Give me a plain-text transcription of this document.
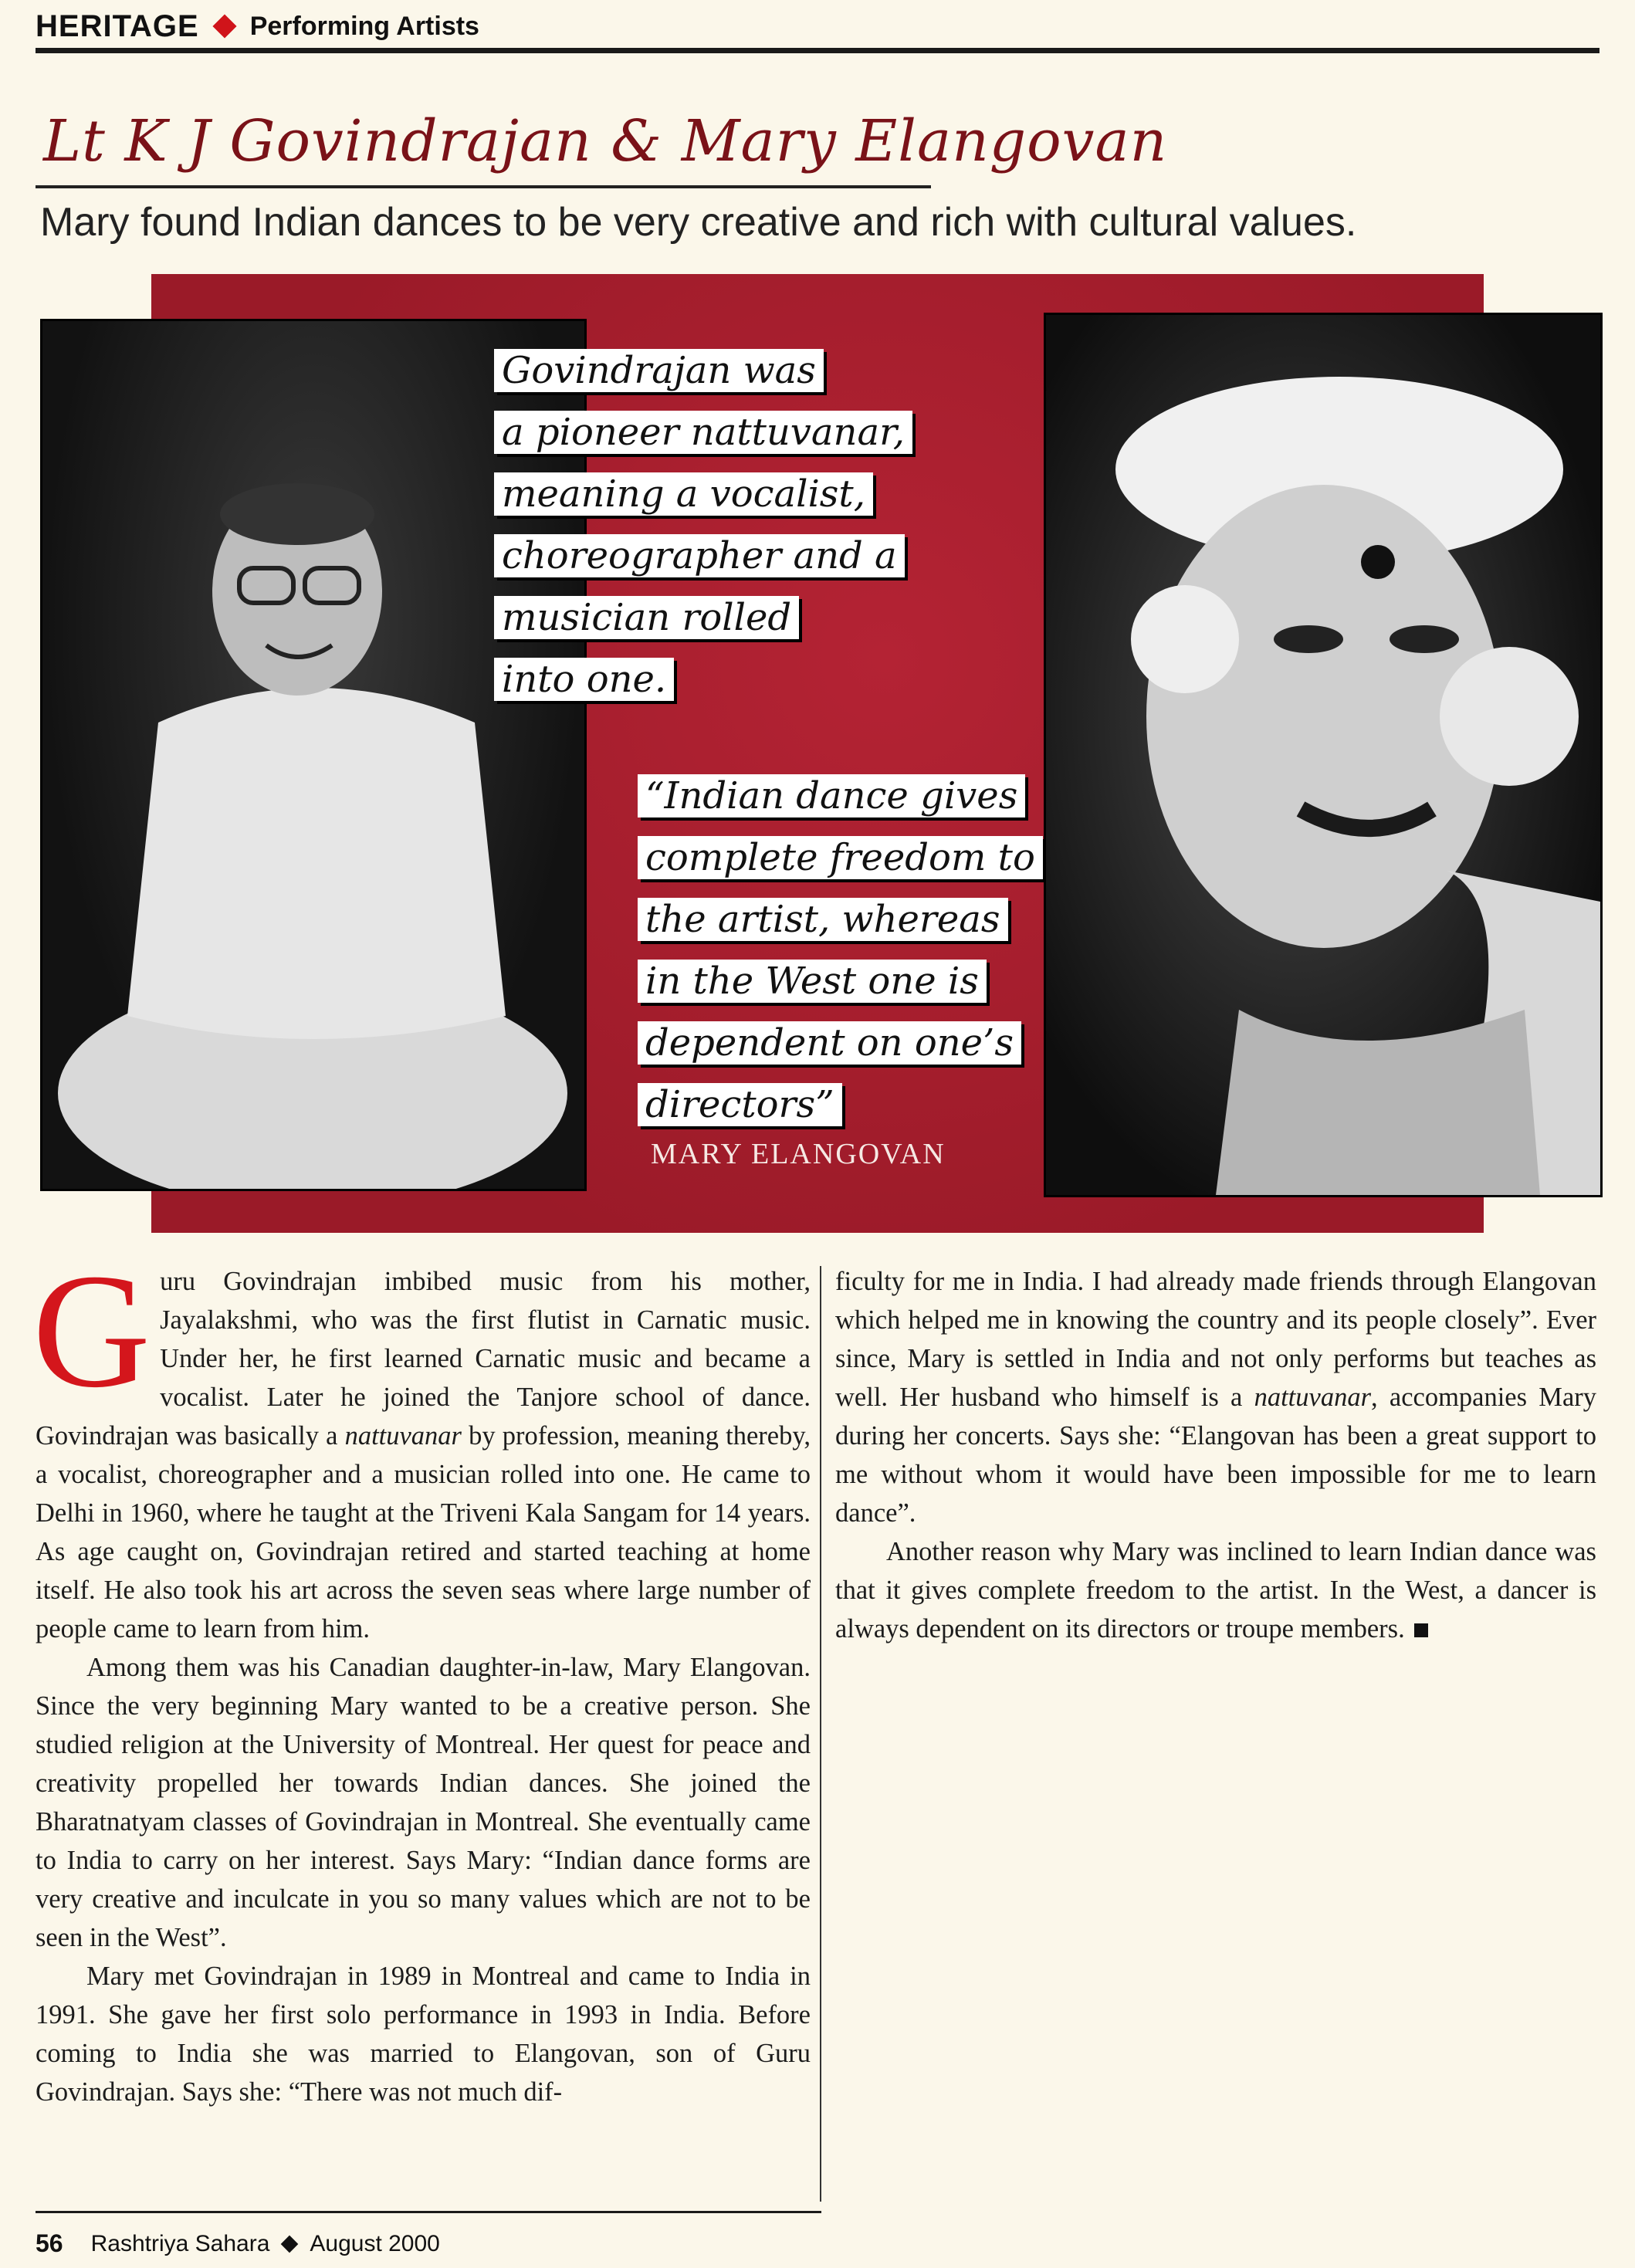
HERITAGE Performing Artists
Lt K J Govindrajan & Mary Elangovan
Mary found Indian dances to be very creative and rich with cultural values.
Govindrajan was
a pioneer nattuvanar,
meaning a vocalist,
choreographer and a
musician rolled
into one.
“Indian dance gives
complete freedom to
the artist, whereas
in the West one is
dependent on one’s
directors”
MARY ELANGOVAN

Guru Govindrajan imbibed music from his mother, Jayalakshmi, who was the first flutist in Carnatic music. Under her, he first learned Carnatic music and became a vocalist. Later he joined the Tanjore school of dance. Govindrajan was basically a nattuvanar by profession, meaning thereby, a vocalist, choreographer and a musician rolled into one. He came to Delhi in 1960, where he taught at the Triveni Kala Sangam for 14 years. As age caught on, Govindrajan retired and started teaching at home itself. He also took his art across the seven seas where large number of people came to learn from him.

Among them was his Canadian daughter-in-law, Mary Elangovan. Since the very beginning Mary wanted to be a creative person. She studied religion at the University of Montreal. Her quest for peace and creativity propelled her towards Indian dances. She joined the Bharatnatyam classes of Govindrajan in Montreal. She eventually came to India to carry on her interest. Says Mary: “Indian dance forms are very creative and inculcate in you so many values which are not to be seen in the West”.

Mary met Govindrajan in 1989 in Montreal and came to India in 1991. She gave her first solo performance in 1993 in India. Before coming to India she was married to Elangovan, son of Guru Govindrajan. Says she: “There was not much dif-

ficulty for me in India. I had already made friends through Elangovan which helped me in knowing the country and its people closely”. Ever since, Mary is settled in India and not only performs but teaches as well. Her husband who himself is a nattuvanar, accompanies Mary during her concerts. Says she: “Elangovan has been a great support to me without whom it would have been impossible for me to learn dance”.

Another reason why Mary was inclined to learn Indian dance was that it gives complete freedom to the artist. In the West, a dancer is always dependent on its directors or troupe members.

56 Rashtriya Sahara August 2000
